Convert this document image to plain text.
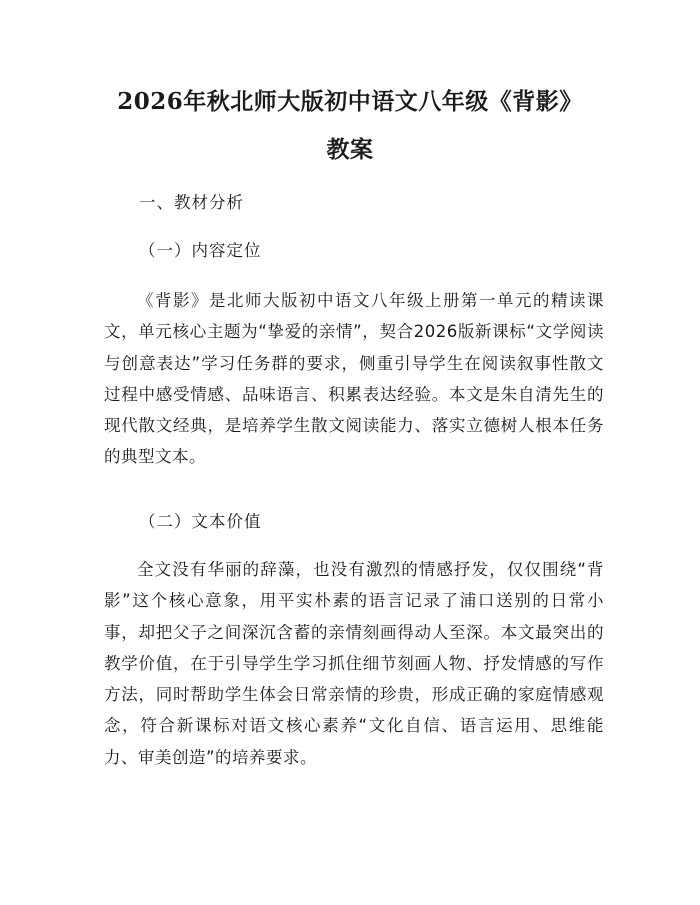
2026年秋北师大版初中语文八年级《背影》
教案

一、教材分析

（一）内容定位

《背影》是北师大版初中语文八年级上册第一单元的精读课文，单元核心主题为“挚爱的亲情”，契合2026版新课标“文学阅读与创意表达”学习任务群的要求，侧重引导学生在阅读叙事性散文过程中感受情感、品味语言、积累表达经验。本文是朱自清先生的现代散文经典，是培养学生散文阅读能力、落实立德树人根本任务的典型文本。

（二）文本价值

全文没有华丽的辞藻，也没有激烈的情感抒发，仅仅围绕“背影”这个核心意象，用平实朴素的语言记录了浦口送别的日常小事，却把父子之间深沉含蓄的亲情刻画得动人至深。本文最突出的教学价值，在于引导学生学习抓住细节刻画人物、抒发情感的写作方法，同时帮助学生体会日常亲情的珍贵，形成正确的家庭情感观念，符合新课标对语文核心素养“文化自信、语言运用、思维能力、审美创造”的培养要求。
